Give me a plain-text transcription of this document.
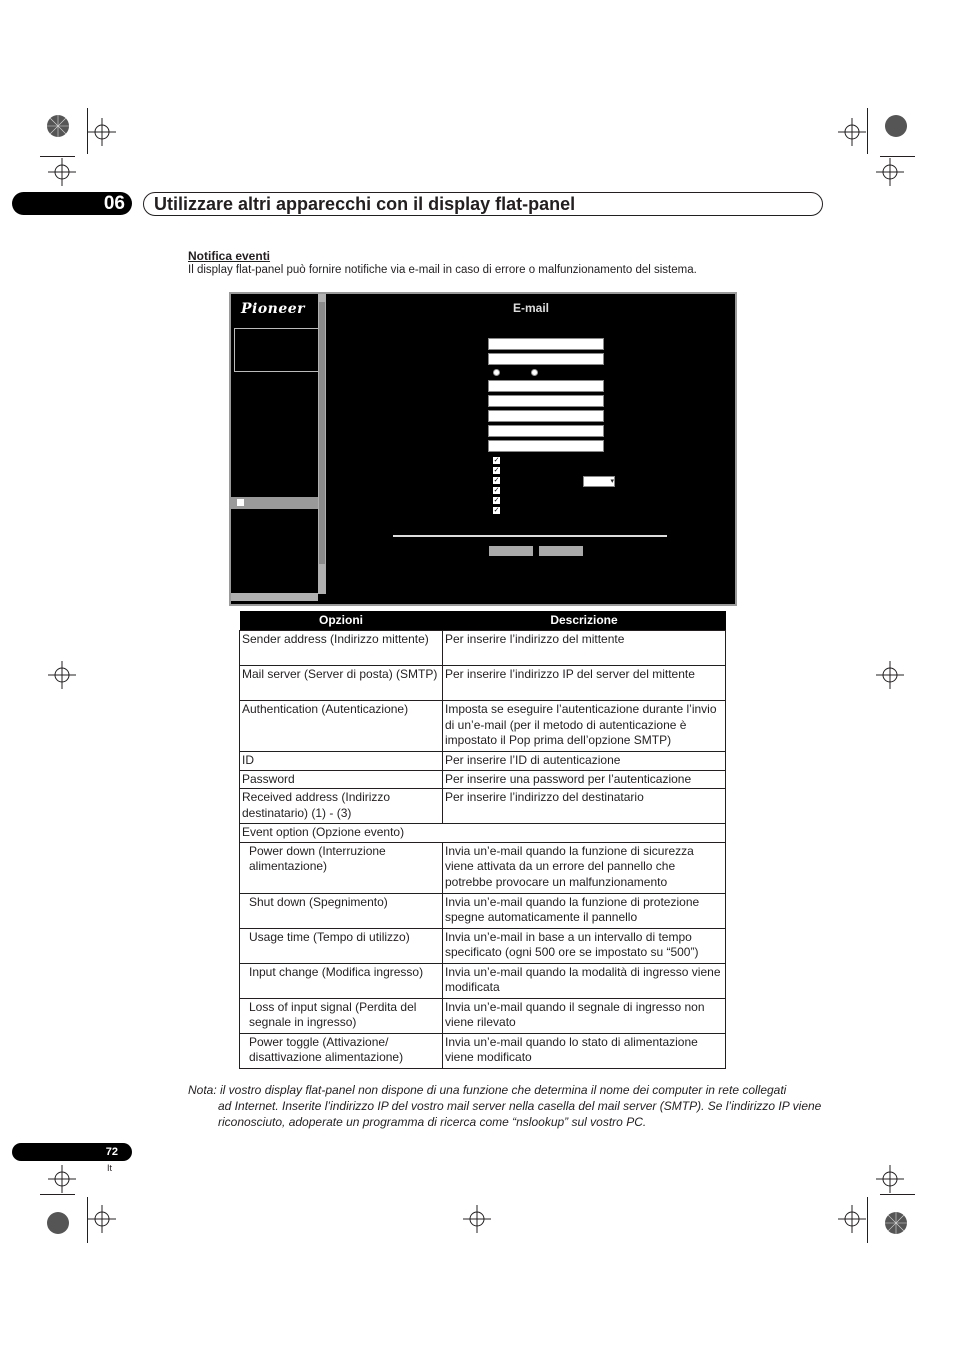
06 Utilizzare altri apparecchi con il display flat-panel
Notifica eventi
Il display flat-panel può fornire notifiche via e-mail in caso di errore o malfunzionamento del sistema.
Pioneer	E-mail
✓
✓
✓
✓
✓
✓
▾
Opzioni	Descrizione
Sender address (Indirizzo mittente)	Per inserire l’indirizzo del mittente
Mail server (Server di posta) (SMTP)	Per inserire l’indirizzo IP del server del mittente
Authentication (Autenticazione)	Imposta se eseguire l’autenticazione durante l’invio di un’e-mail (per il metodo di autenticazione è impostato il Pop prima dell’opzione SMTP)
ID	Per inserire l’ID di autenticazione
Password	Per inserire una password per l’autenticazione
Received address (Indirizzo destinatario) (1) - (3)	Per inserire l’indirizzo del destinatario
Event option (Opzione evento)	
Power down (Interruzione alimentazione)	Invia un’e-mail quando la funzione di sicurezza viene attivata da un errore del pannello che potrebbe provocare un malfunzionamento
Shut down (Spegnimento)	Invia un’e-mail quando la funzione di protezione spegne automaticamente il pannello
Usage time (Tempo di utilizzo)	Invia un’e-mail in base a un intervallo di tempo specificato (ogni 500 ore se impostato su “500”)
Input change (Modifica ingresso)	Invia un’e-mail quando la modalità di ingresso viene modificata
Loss of input signal (Perdita del segnale in ingresso)	Invia un’e-mail quando il segnale di ingresso non viene rilevato
Power toggle (Attivazione/ disattivazione alimentazione)	Invia un’e-mail quando lo stato di alimentazione viene modificato
Nota: il vostro display flat-panel non dispone di una funzione che determina il nome dei computer in rete collegati
ad Internet. Inserite l’indirizzo IP del vostro mail server nella casella del mail server (SMTP). Se l’indirizzo IP viene riconosciuto, adoperate un programma di ricerca come “nslookup” sul vostro PC.
72
It
